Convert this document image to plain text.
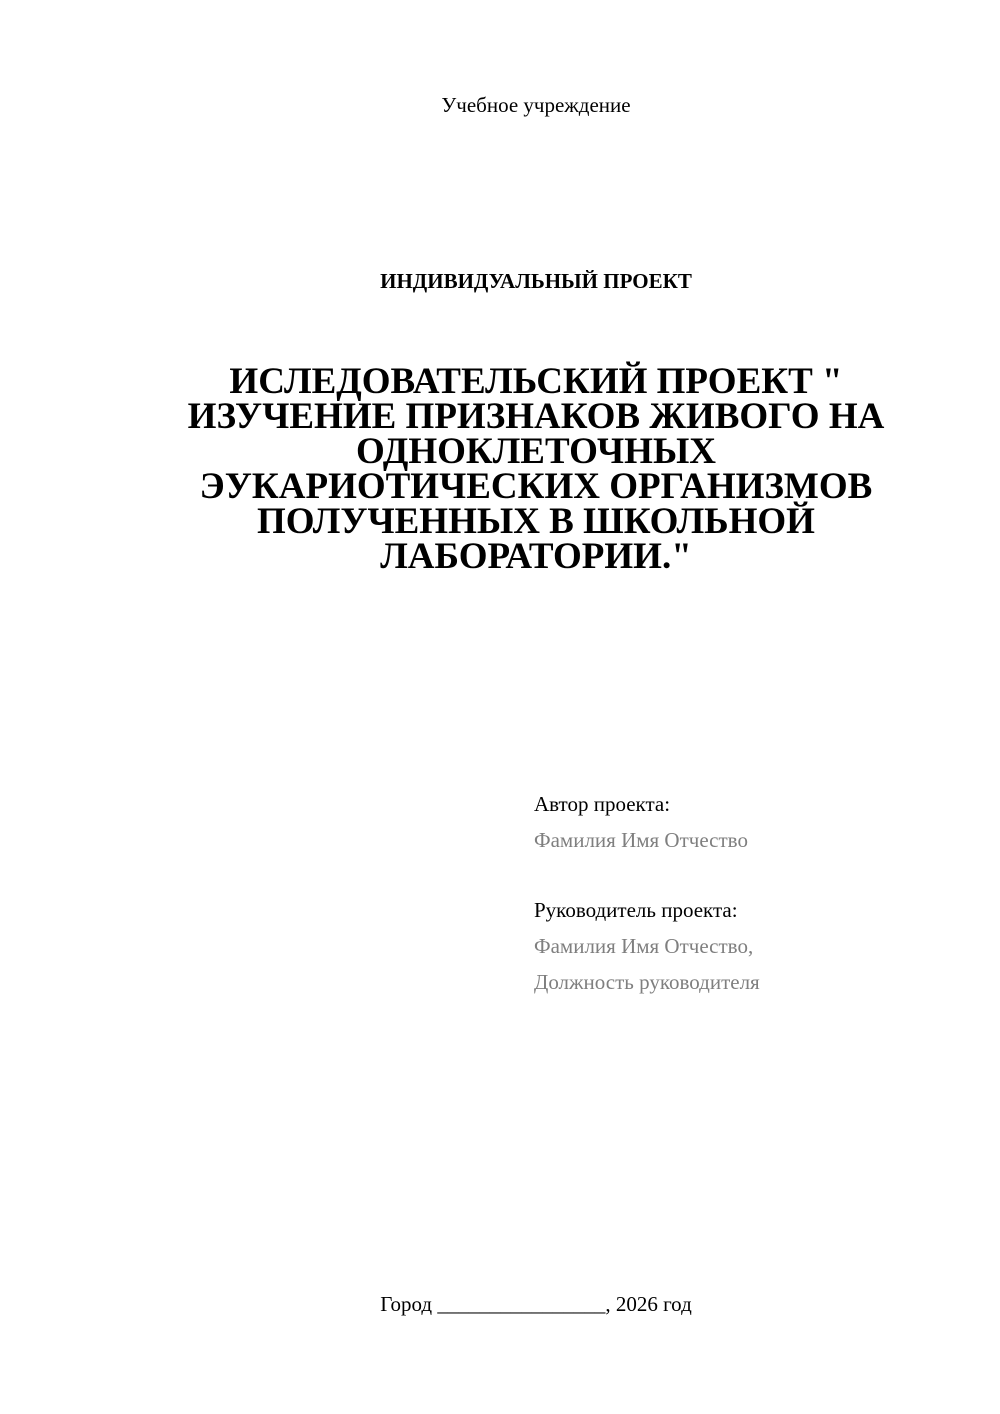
Учебное учреждение
ИНДИВИДУАЛЬНЫЙ ПРОЕКТ
ИСЛЕДОВАТЕЛЬСКИЙ ПРОЕКТ "
ИЗУЧЕНИЕ ПРИЗНАКОВ ЖИВОГО НА
ОДНОКЛЕТОЧНЫХ
ЭУКАРИОТИЧЕСКИХ ОРГАНИЗМОВ
ПОЛУЧЕННЫХ В ШКОЛЬНОЙ
ЛАБОРАТОРИИ."
Автор проекта:
Фамилия Имя Отчество
Руководитель проекта:
Фамилия Имя Отчество,
Должность руководителя
Город ________________, 2026 год
